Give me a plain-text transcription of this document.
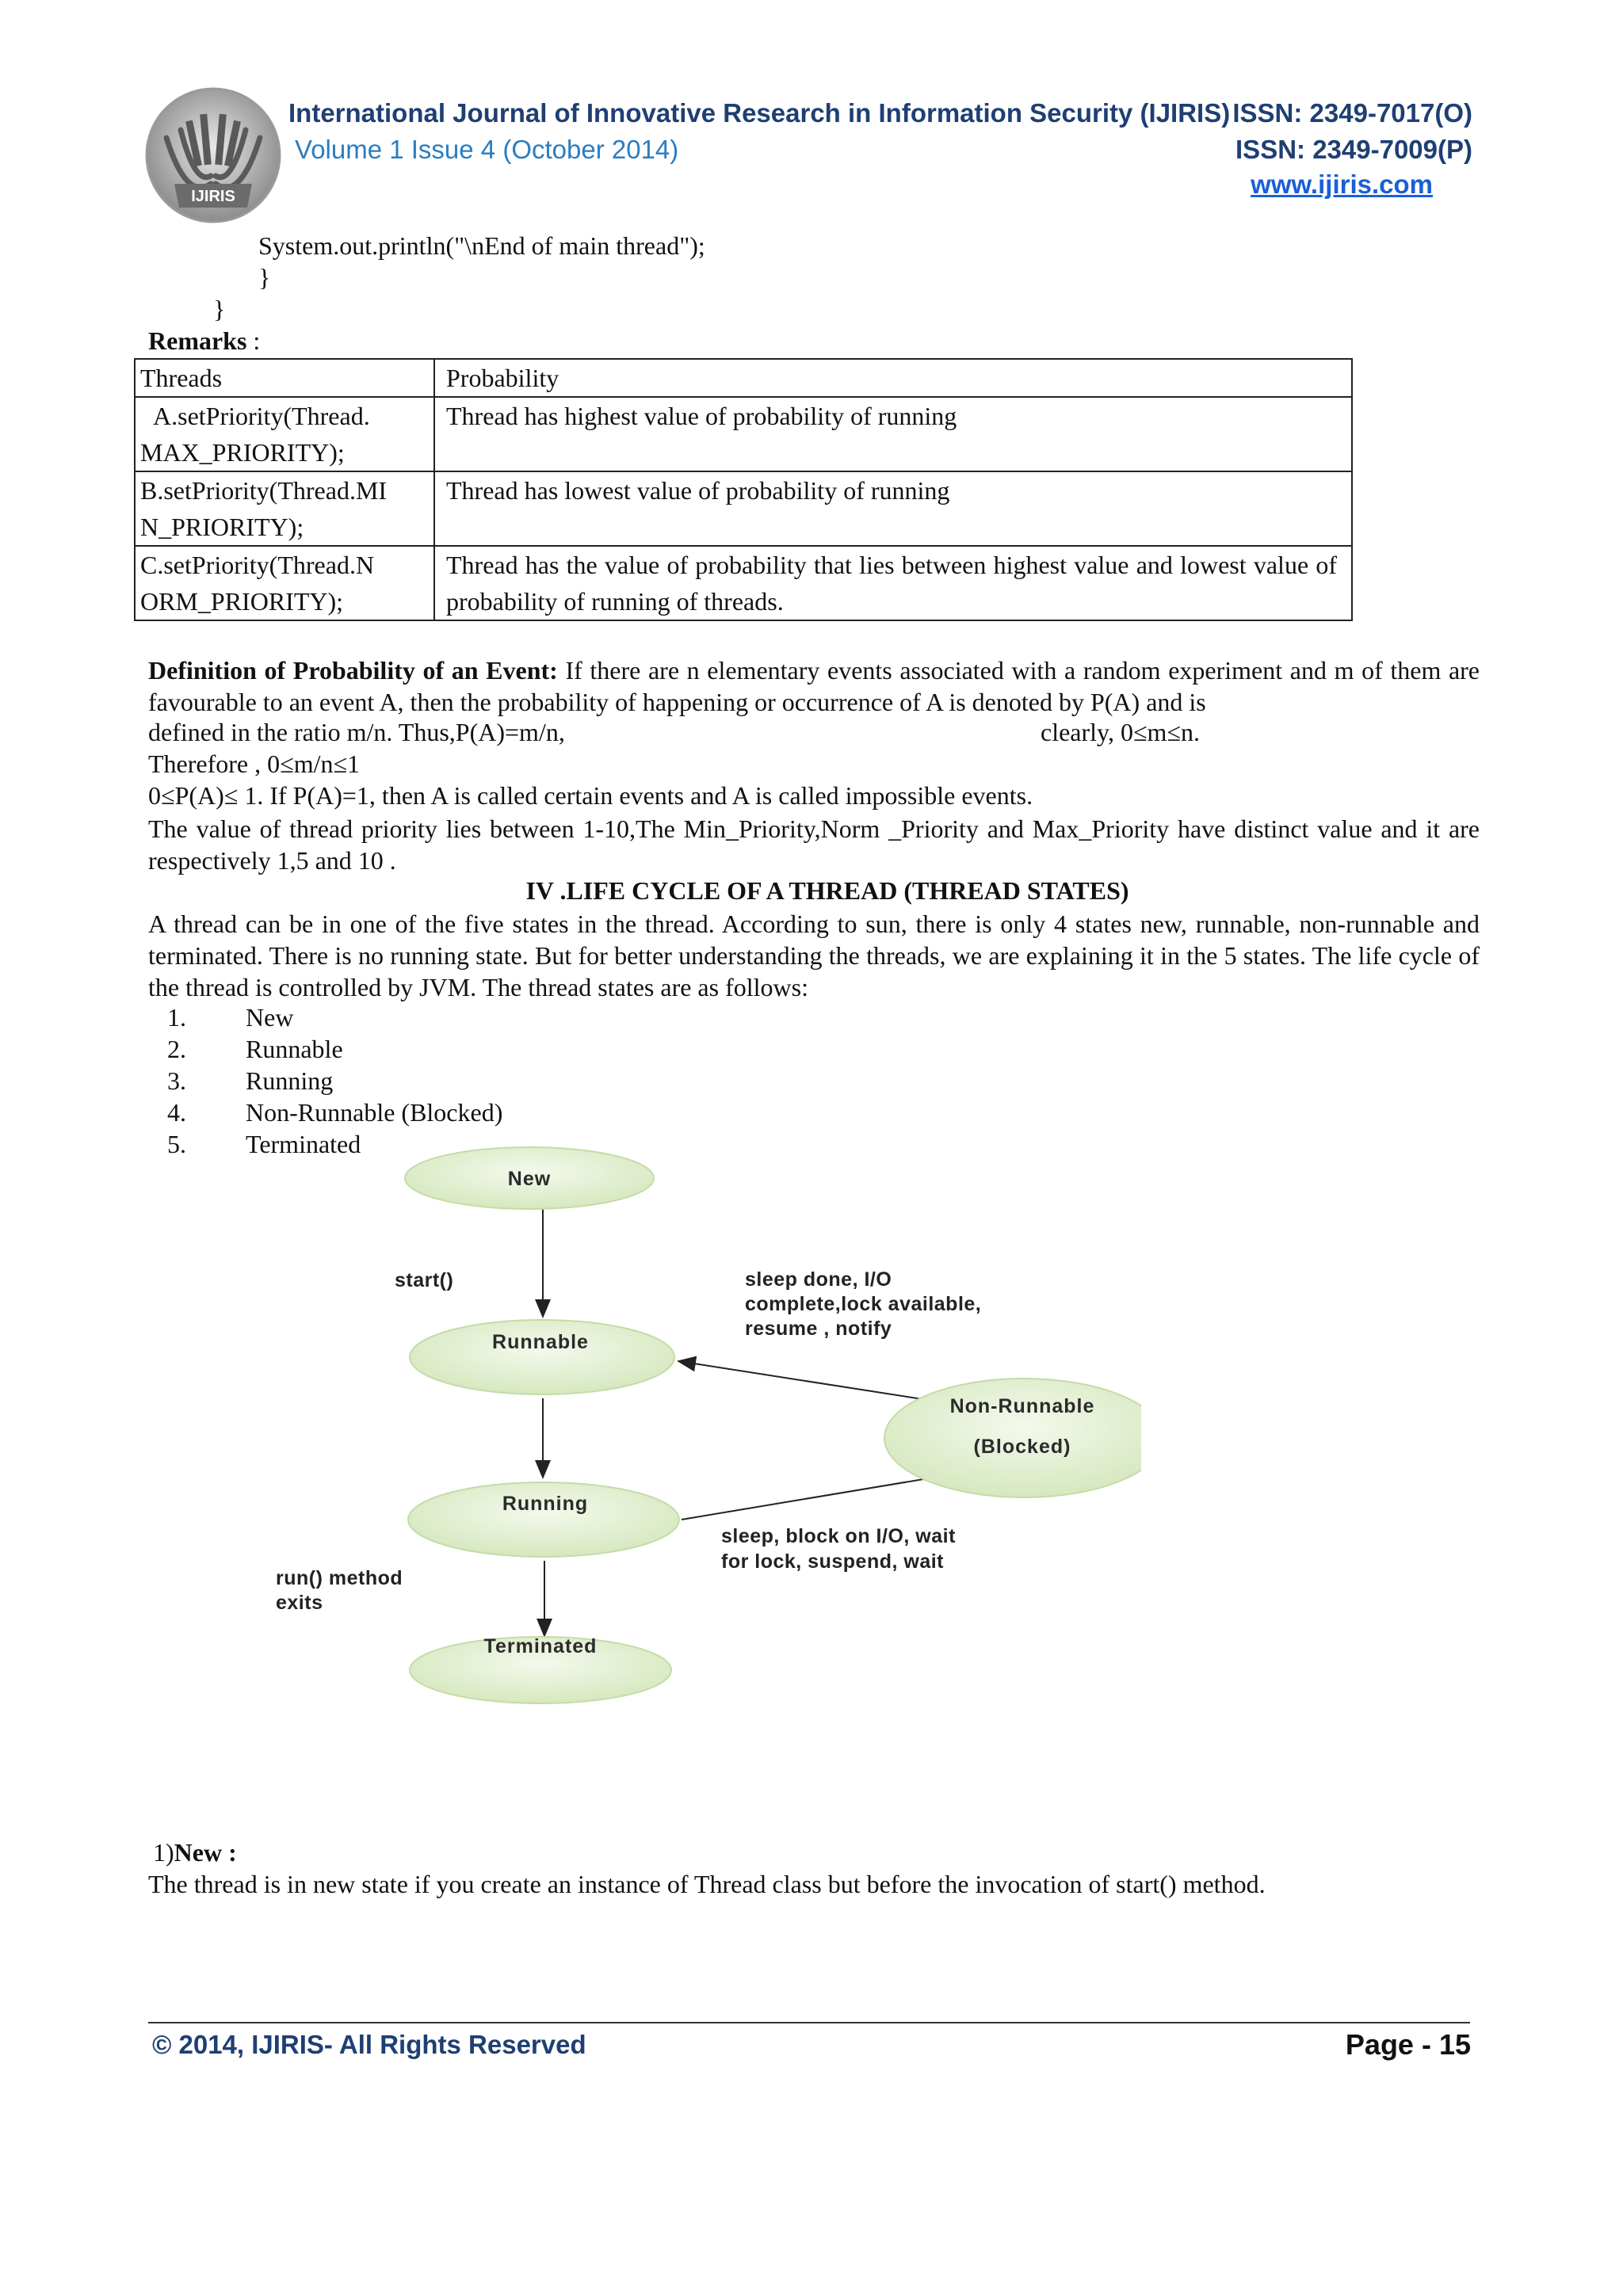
IJIRIS
International Journal of Innovative Research in Information Security (IJIRIS) ISSN: 2349-7017(O)
Volume 1 Issue 4 (October 2014)	ISSN: 2349-7009(P)
www.ijiris.com
System.out.println("\nEnd of main thread");
}
}
Remarks :
Threads	Probability
A.setPriority(Thread. MAX_PRIORITY);	Thread has highest value of probability of running
B.setPriority(Thread.MI N_PRIORITY);	Thread has lowest value of probability of running
C.setPriority(Thread.N ORM_PRIORITY);	Thread has the value of probability that lies between highest value and lowest value of probability of running of threads.
Definition of Probability of an Event: If there are n elementary events associated with a random experiment and m of them are favourable to an event A, then the probability of happening or occurrence of A is denoted by P(A) and is
defined in the ratio m/n. Thus,P(A)=m/n,	clearly, 0≤m≤n.
Therefore , 0≤m/n≤1
0≤P(A)≤ 1. If P(A)=1, then A is called certain events and A is called impossible events.
The value of thread priority lies between 1-10,The Min_Priority,Norm _Priority and Max_Priority have distinct value and it are respectively 1,5 and 10 .
IV .LIFE CYCLE OF A THREAD (THREAD STATES)
A thread can be in one of the five states in the thread. According to sun, there is only 4 states new, runnable, non-runnable and terminated. There is no running state. But for better understanding the threads, we are explaining it in the 5 states. The life cycle of the thread is controlled by JVM. The thread states are as follows:
1.	New
2.	Runnable
3.	Running
4.	Non-Runnable (Blocked)
5.	Terminated
New
Runnable
Running
Terminated
Non-Runnable
(Blocked)
start()	sleep done, I/O
complete,lock available,
resume , notify
sleep, block on I/O, wait
for lock, suspend, wait
run() method
exits
1)New :
The thread is in new state if you create an instance of Thread class but before the invocation of start() method.
© 2014, IJIRIS- All Rights Reserved	Page - 15
